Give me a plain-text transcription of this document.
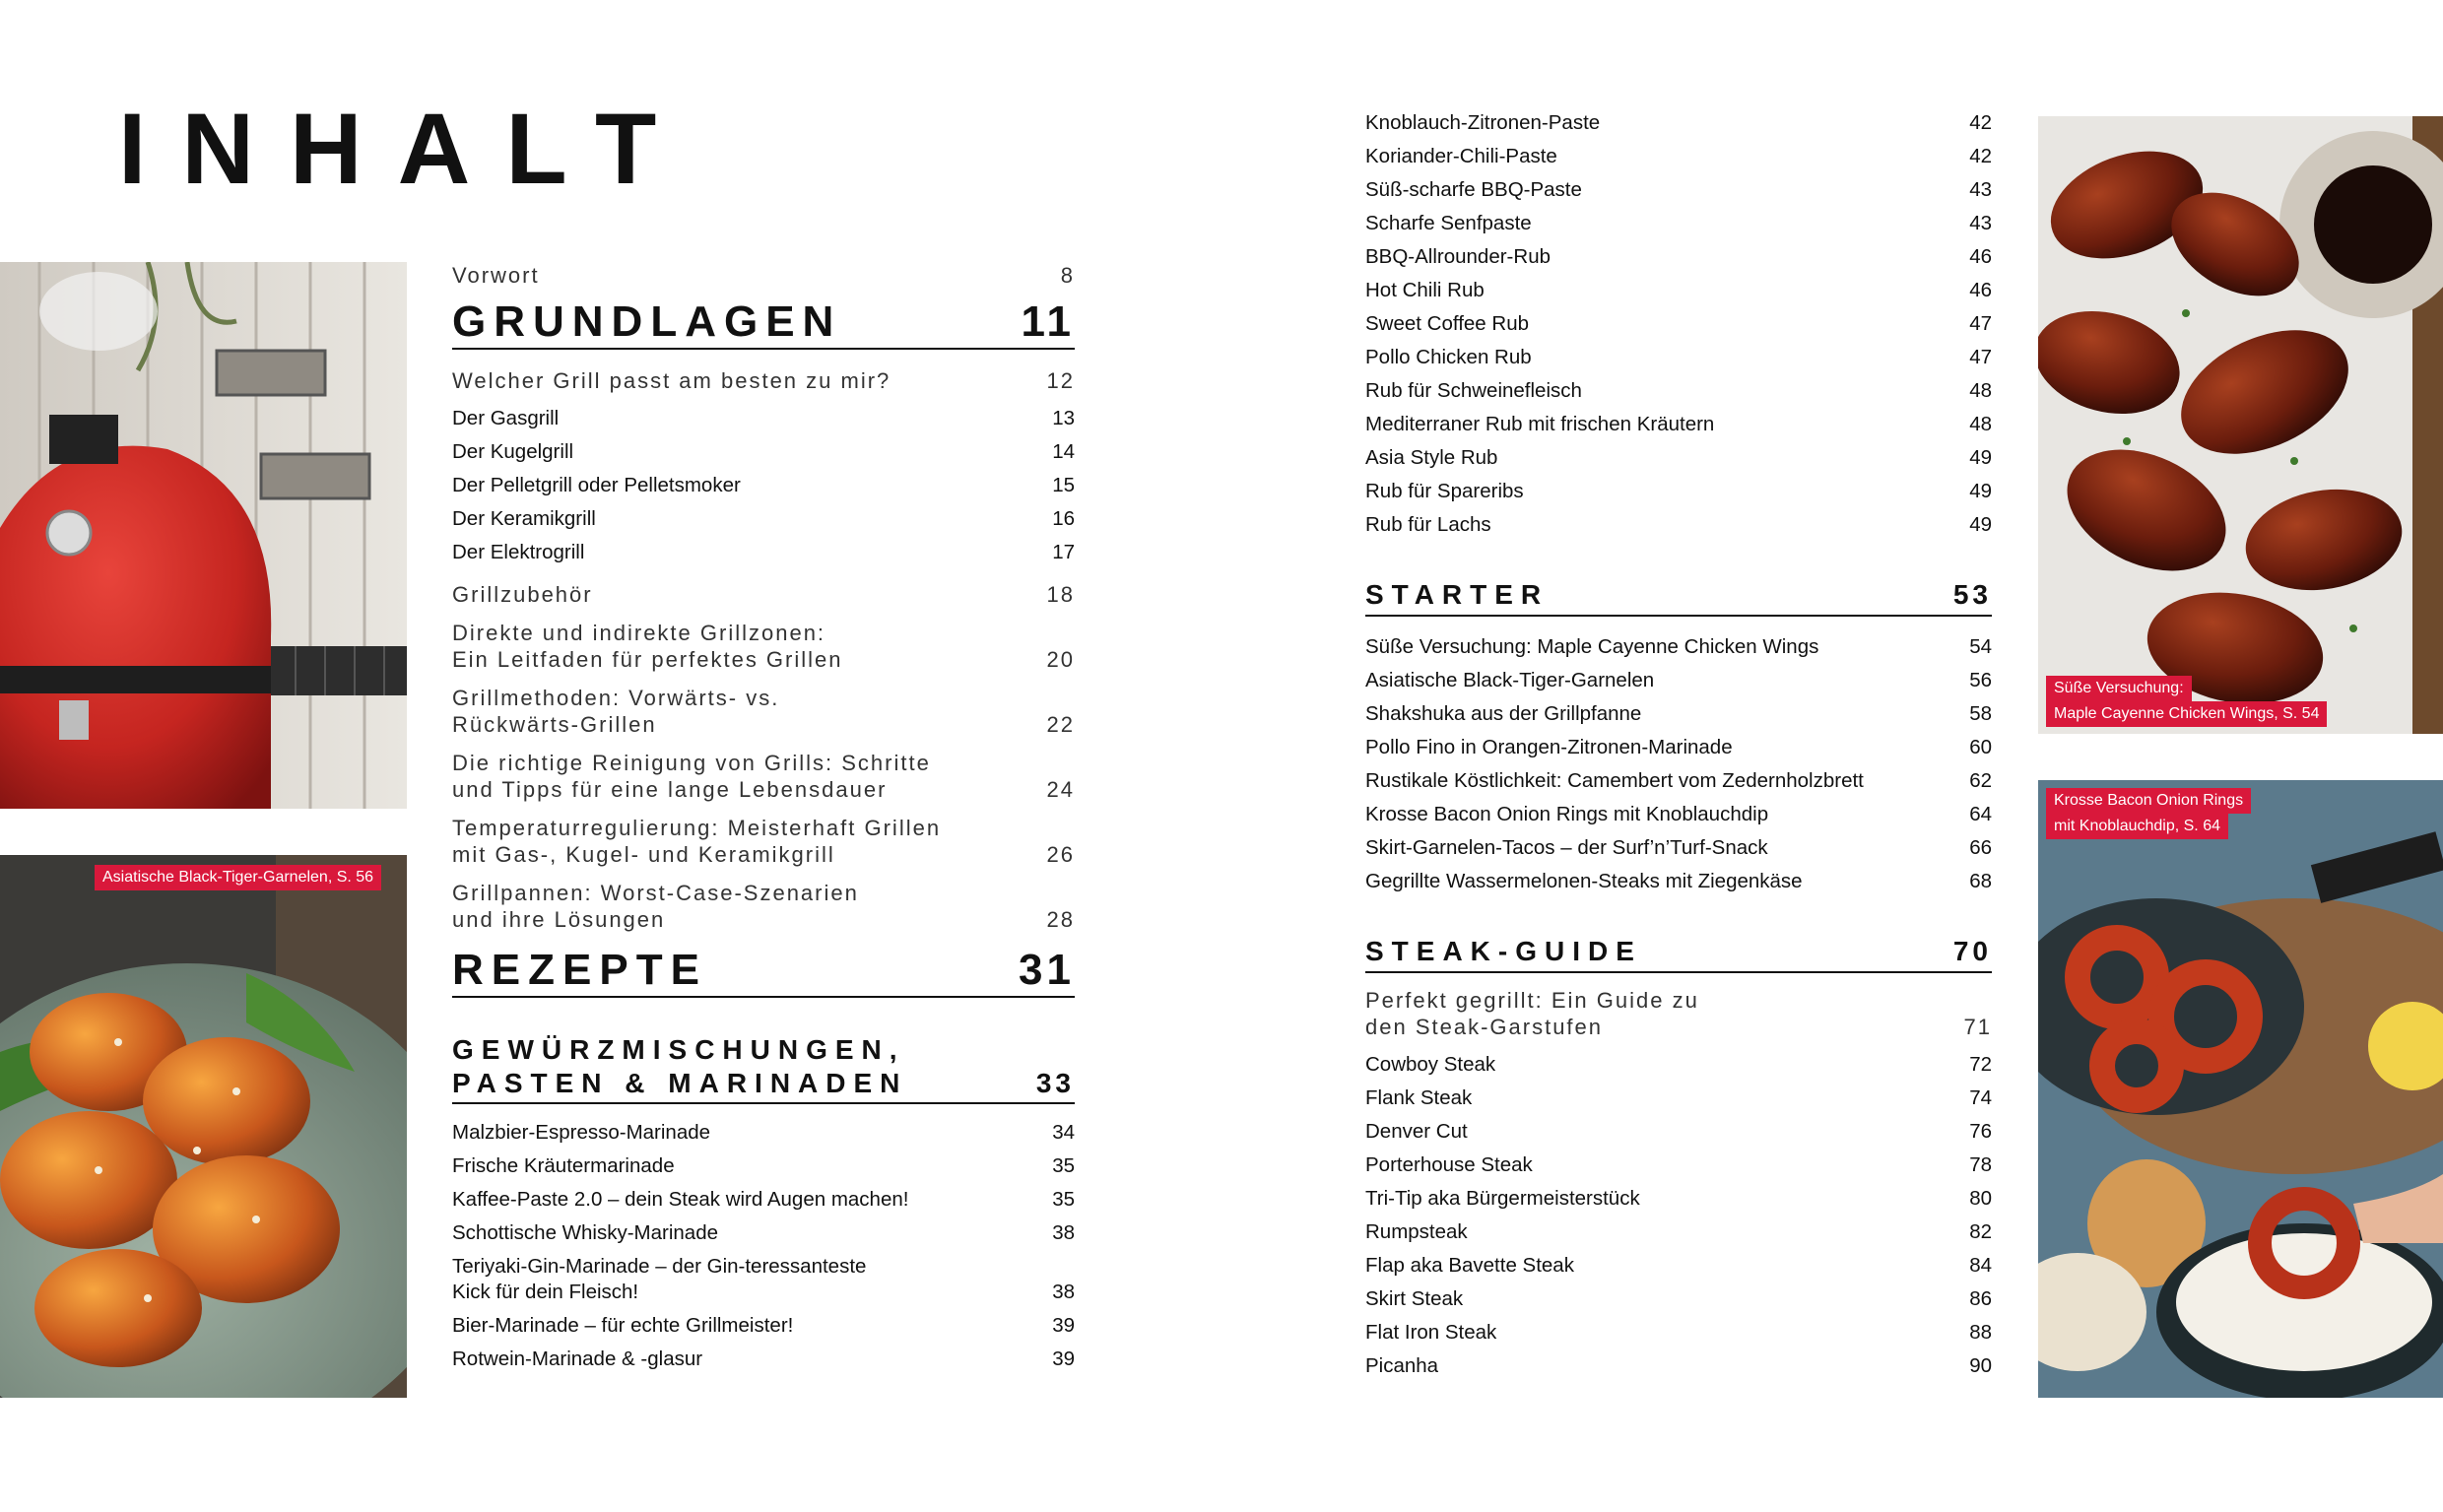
INHALT
Asiatische Black-Tiger-Garnelen, S. 56
Süße Versuchung:
Maple Cayenne Chicken Wings, S. 54
Krosse Bacon Onion Rings
mit Knoblauchdip, S. 64
Vorwort	8
GRUNDLAGEN	11
Welcher Grill passt am besten zu mir?	12
Der Gasgrill	13
Der Kugelgrill	14
Der Pelletgrill oder Pelletsmoker	15
Der Keramikgrill	16
Der Elektrogrill	17
Grillzubehör	18
Direkte und indirekte Grillzonen:
Ein Leitfaden für perfektes Grillen	20
Grillmethoden: Vorwärts- vs.
Rückwärts-Grillen	22
Die richtige Reinigung von Grills: Schritte
und Tipps für eine lange Lebensdauer	24
Temperaturregulierung: Meisterhaft Grillen
mit Gas-, Kugel- und Keramikgrill	26
Grillpannen: Worst-Case-Szenarien
und ihre Lösungen	28
REZEPTE	31
GEWÜRZMISCHUNGEN,
PASTEN & MARINADEN	33
Malzbier-Espresso-Marinade	34
Frische Kräutermarinade	35
Kaffee-Paste 2.0 – dein Steak wird Augen machen!	35
Schottische Whisky-Marinade	38
Teriyaki-Gin-Marinade – der Gin-teressanteste
Kick für dein Fleisch!	38
Bier-Marinade – für echte Grillmeister!	39
Rotwein-Marinade & -glasur	39
Knoblauch-Zitronen-Paste	42
Koriander-Chili-Paste	42
Süß-scharfe BBQ-Paste	43
Scharfe Senfpaste	43
BBQ-Allrounder-Rub	46
Hot Chili Rub	46
Sweet Coffee Rub	47
Pollo Chicken Rub	47
Rub für Schweinefleisch	48
Mediterraner Rub mit frischen Kräutern	48
Asia Style Rub	49
Rub für Spareribs	49
Rub für Lachs	49
STARTER	53
Süße Versuchung: Maple Cayenne Chicken Wings	54
Asiatische Black-Tiger-Garnelen	56
Shakshuka aus der Grillpfanne	58
Pollo Fino in Orangen-Zitronen-Marinade	60
Rustikale Köstlichkeit: Camembert vom Zedernholzbrett	62
Krosse Bacon Onion Rings mit Knoblauchdip	64
Skirt-Garnelen-Tacos – der Surf’n’Turf-Snack	66
Gegrillte Wassermelonen-Steaks mit Ziegenkäse	68
STEAK-GUIDE	70
Perfekt gegrillt: Ein Guide zu
den Steak-Garstufen	71
Cowboy Steak	72
Flank Steak	74
Denver Cut	76
Porterhouse Steak	78
Tri-Tip aka Bürgermeisterstück	80
Rumpsteak	82
Flap aka Bavette Steak	84
Skirt Steak	86
Flat Iron Steak	88
Picanha	90
